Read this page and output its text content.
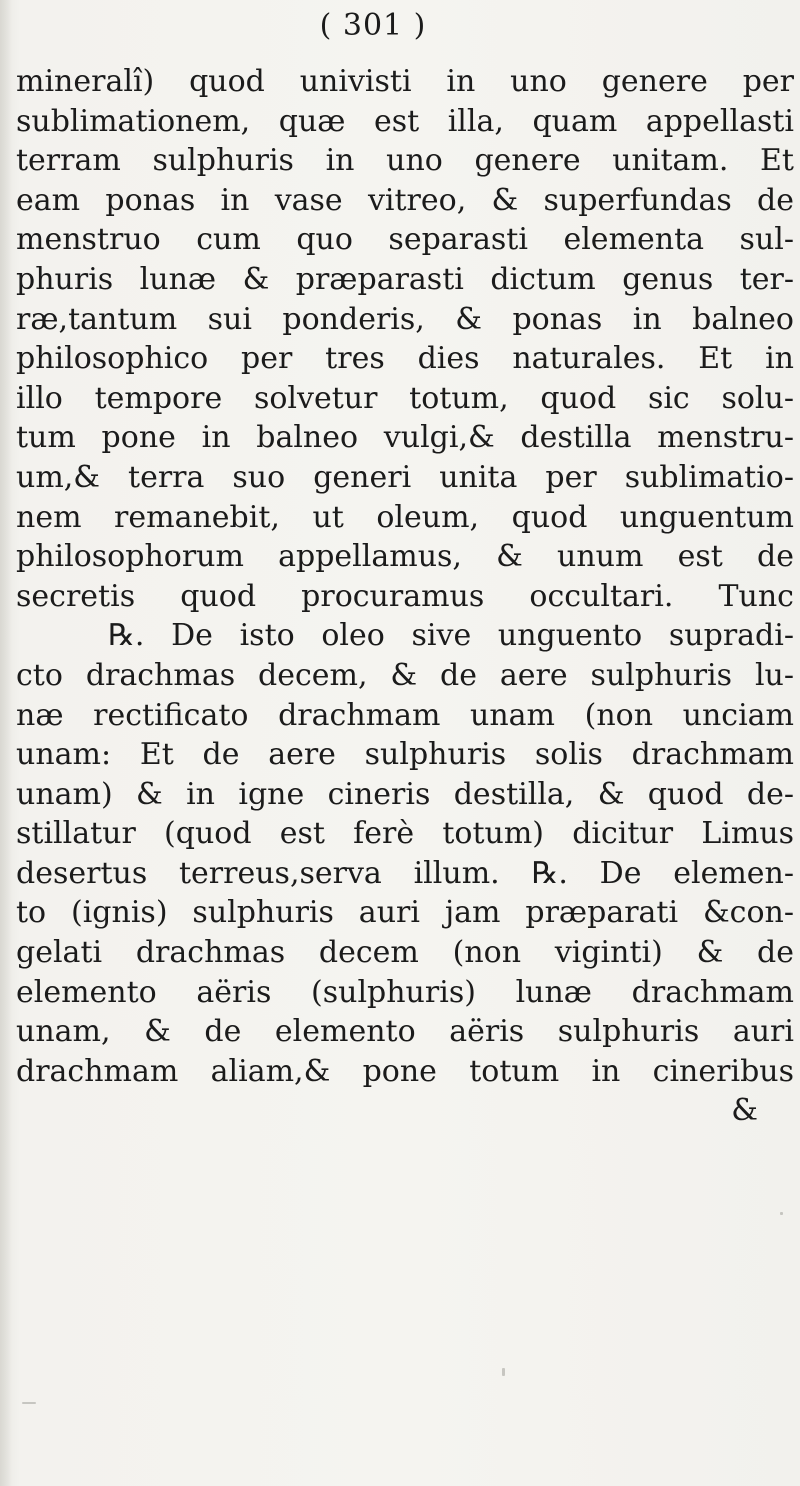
( 301 )
mineralî) quod univisti in uno genere per
sublimationem, quæ est illa, quam appellasti
terram sulphuris in uno genere unitam. Et
eam ponas in vase vitreo, & superfundas de
menstruo cum quo separasti elementa sul-
phuris lunæ & præparasti dictum genus ter-
ræ,tantum sui ponderis, & ponas in balneo
philosophico per tres dies naturales. Et in
illo tempore solvetur totum, quod sic solu-
tum pone in balneo vulgi,& destilla menstru-
um,& terra suo generi unita per sublimatio-
nem remanebit, ut oleum, quod unguentum
philosophorum appellamus, & unum est de
secretis quod procuramus occultari. Tunc
℞. De isto oleo sive unguento supradi-
cto drachmas decem, & de aere sulphuris lu-
næ rectificato drachmam unam (non unciam
unam: Et de aere sulphuris solis drachmam
unam) & in igne cineris destilla, & quod de-
stillatur (quod est ferè totum) dicitur Limus
desertus terreus,serva illum. ℞. De elemen-
to (ignis) sulphuris auri jam præparati &con-
gelati drachmas decem (non viginti) & de
elemento aëris (sulphuris) lunæ drachmam
unam, & de elemento aëris sulphuris auri
drachmam aliam,& pone totum in cineribus
&
